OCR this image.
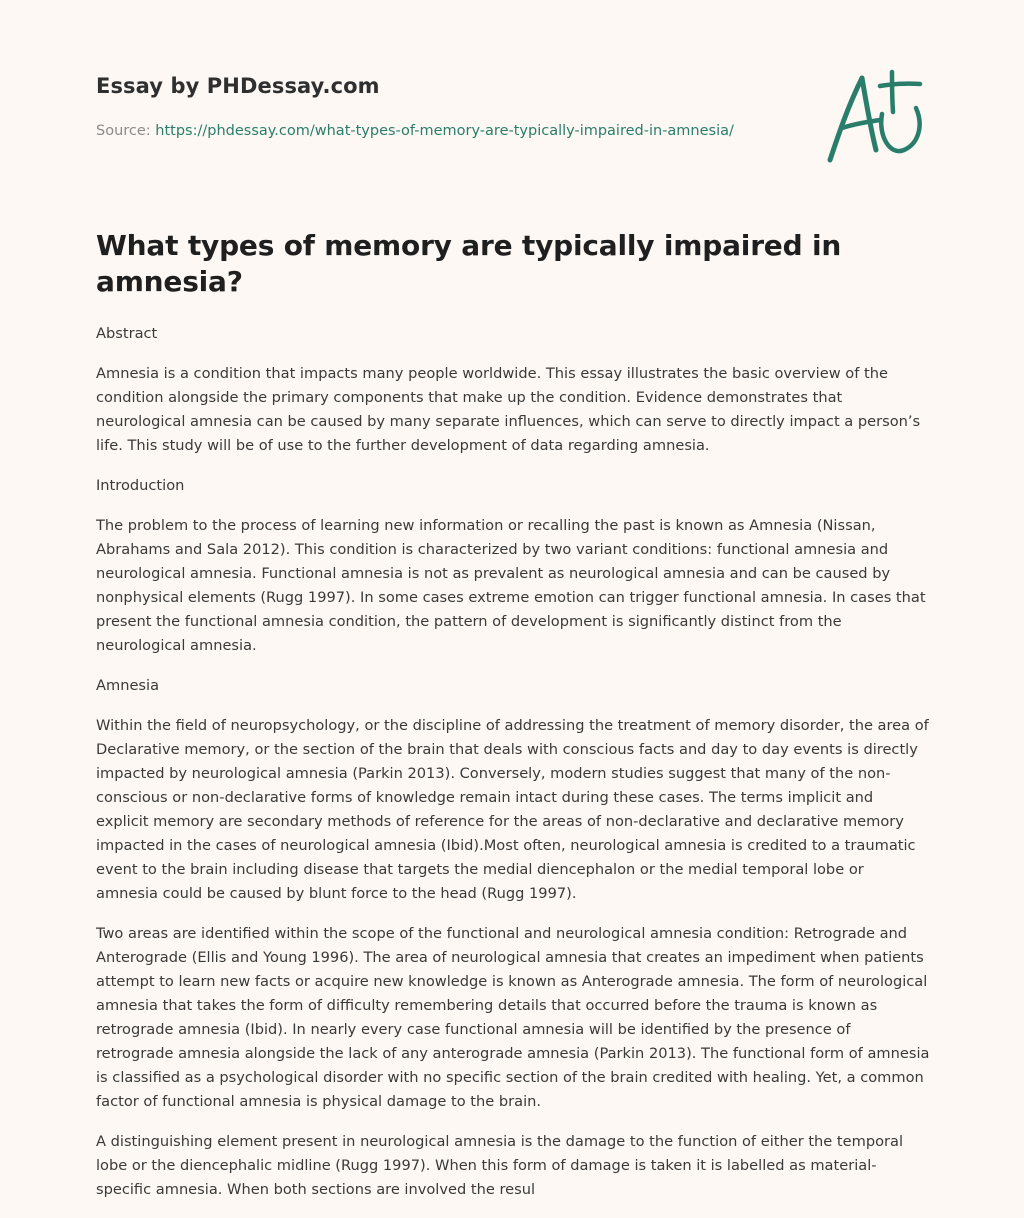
Essay by PHDessay.com
Source: https://phdessay.com/what-types-of-memory-are-typically-impaired-in-amnesia/
What types of memory are typically impaired in amnesia?

Abstract

Amnesia is a condition that impacts many people worldwide. This essay illustrates the basic overview of the condition alongside the primary components that make up the condition. Evidence demonstrates that neurological amnesia can be caused by many separate influences, which can serve to directly impact a person’s life. This study will be of use to the further development of data regarding amnesia.

Introduction

The problem to the process of learning new information or recalling the past is known as Amnesia (Nissan, Abrahams and Sala 2012). This condition is characterized by two variant conditions: functional amnesia and neurological amnesia. Functional amnesia is not as prevalent as neurological amnesia and can be caused by nonphysical elements (Rugg 1997). In some cases extreme emotion can trigger functional amnesia. In cases that present the functional amnesia condition, the pattern of development is significantly distinct from the neurological amnesia.

Amnesia

Within the field of neuropsychology, or the discipline of addressing the treatment of memory disorder, the area of Declarative memory, or the section of the brain that deals with conscious facts and day to day events is directly impacted by neurological amnesia (Parkin 2013). Conversely, modern studies suggest that many of the non-conscious or non-declarative forms of knowledge remain intact during these cases. The terms implicit and explicit memory are secondary methods of reference for the areas of non-declarative and declarative memory impacted in the cases of neurological amnesia (Ibid).Most often, neurological amnesia is credited to a traumatic event to the brain including disease that targets the medial diencephalon or the medial temporal lobe or amnesia could be caused by blunt force to the head (Rugg 1997).

Two areas are identified within the scope of the functional and neurological amnesia condition: Retrograde and Anterograde (Ellis and Young 1996). The area of neurological amnesia that creates an impediment when patients attempt to learn new facts or acquire new knowledge is known as Anterograde amnesia. The form of neurological amnesia that takes the form of difficulty remembering details that occurred before the trauma is known as retrograde amnesia (Ibid). In nearly every case functional amnesia will be identified by the presence of retrograde amnesia alongside the lack of any anterograde amnesia (Parkin 2013). The functional form of amnesia is classified as a psychological disorder with no specific section of the brain credited with healing. Yet, a common factor of functional amnesia is physical damage to the brain.

A distinguishing element present in neurological amnesia is the damage to the function of either the temporal lobe or the diencephalic midline (Rugg 1997). When this form of damage is taken it is labelled as material-specific amnesia. When both sections are involved the resul
